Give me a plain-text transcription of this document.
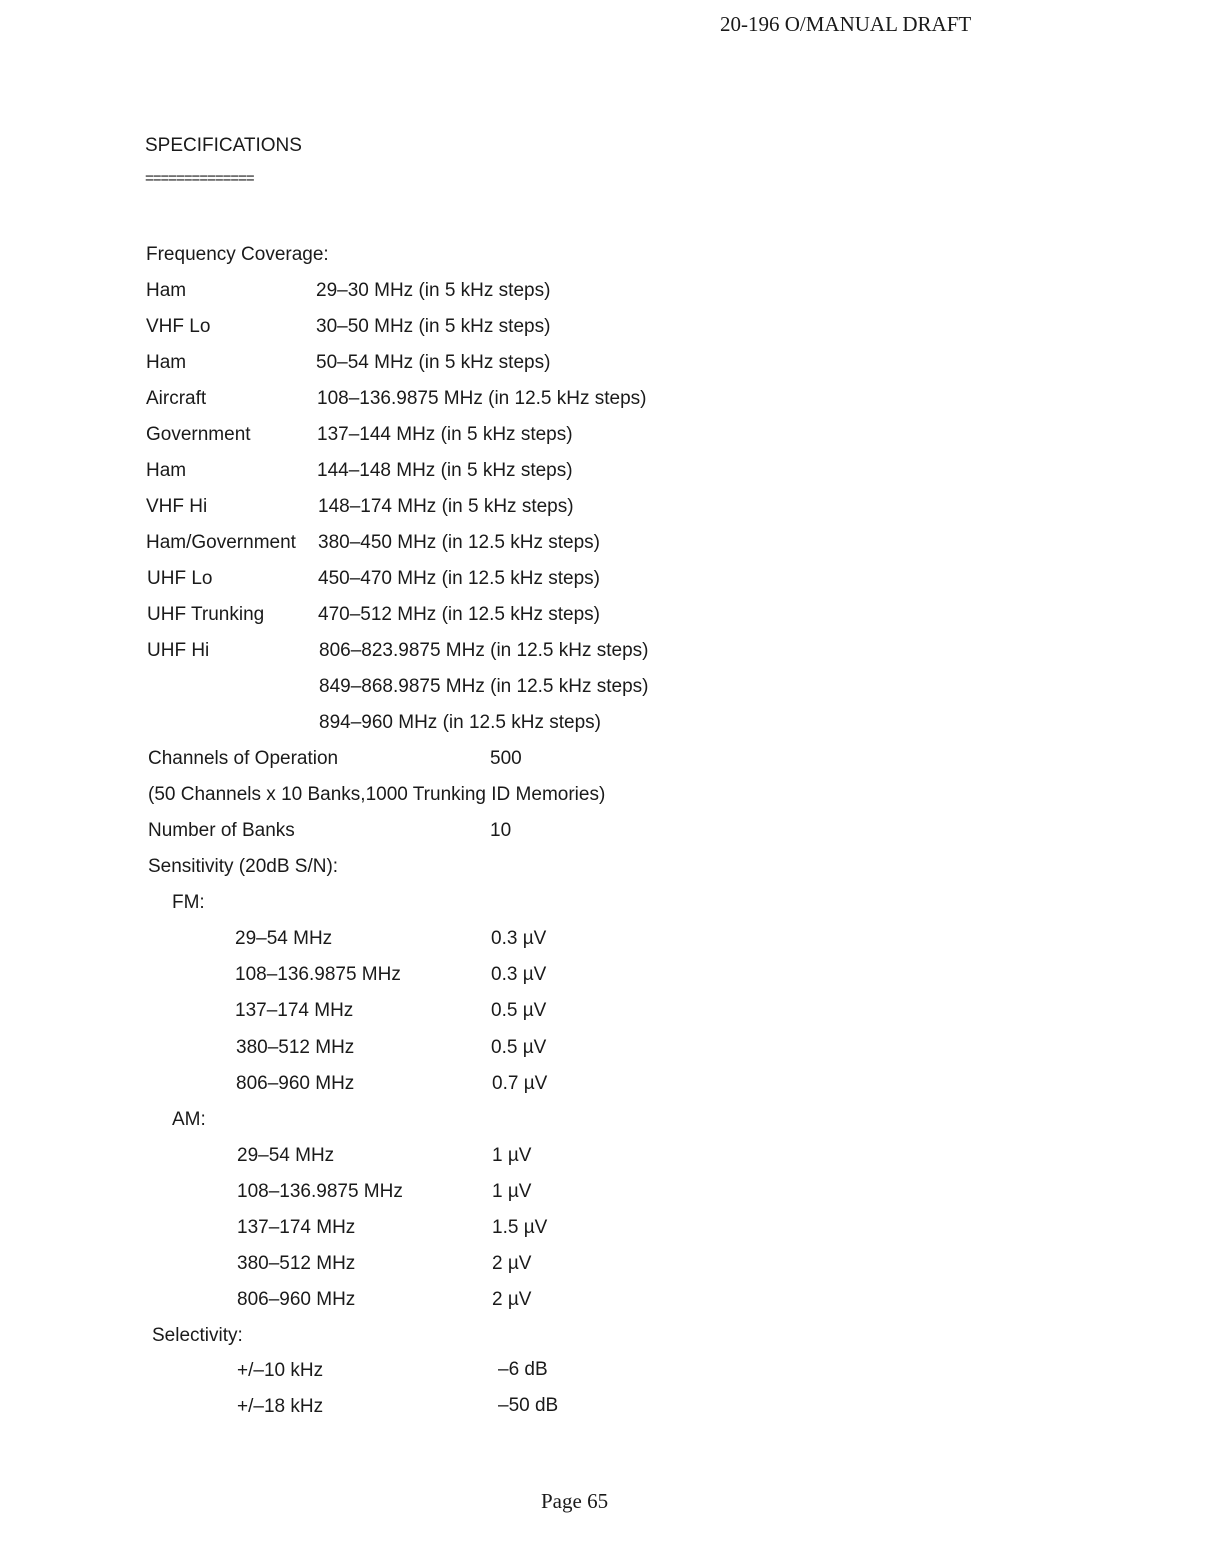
20-196 O/MANUAL DRAFT
Page 65
SPECIFICATIONS
==============
Frequency Coverage:
Ham	29–30 MHz (in 5 kHz steps)
VHF Lo	30–50 MHz (in 5 kHz steps)
Ham	50–54 MHz (in 5 kHz steps)
Aircraft	108–136.9875 MHz (in 12.5 kHz steps)
Government	137–144 MHz (in 5 kHz steps)
Ham	144–148 MHz (in 5 kHz steps)
VHF Hi	148–174 MHz (in 5 kHz steps)
Ham/Government 380–450 MHz (in 12.5 kHz steps)
UHF Lo	450–470 MHz (in 12.5 kHz steps)
UHF Trunking	470–512 MHz (in 12.5 kHz steps)
UHF Hi	806–823.9875 MHz (in 12.5 kHz steps)
849–868.9875 MHz (in 12.5 kHz steps)
894–960 MHz (in 12.5 kHz steps)
Channels of Operation	500
(50 Channels x 10 Banks,1000 Trunking ID Memories)
Number of Banks	10
Sensitivity (20dB S/N):
FM:
29–54 MHz	0.3 µV
108–136.9875 MHz	0.3 µV
137–174 MHz	0.5 µV
380–512 MHz	0.5 µV
806–960 MHz	0.7 µV
AM:
29–54 MHz	1 µV
108–136.9875 MHz	1 µV
137–174 MHz	1.5 µV
380–512 MHz	2 µV
806–960 MHz	2 µV
Selectivity:
+/–10 kHz	–6 dB
+/–18 kHz	–50 dB
